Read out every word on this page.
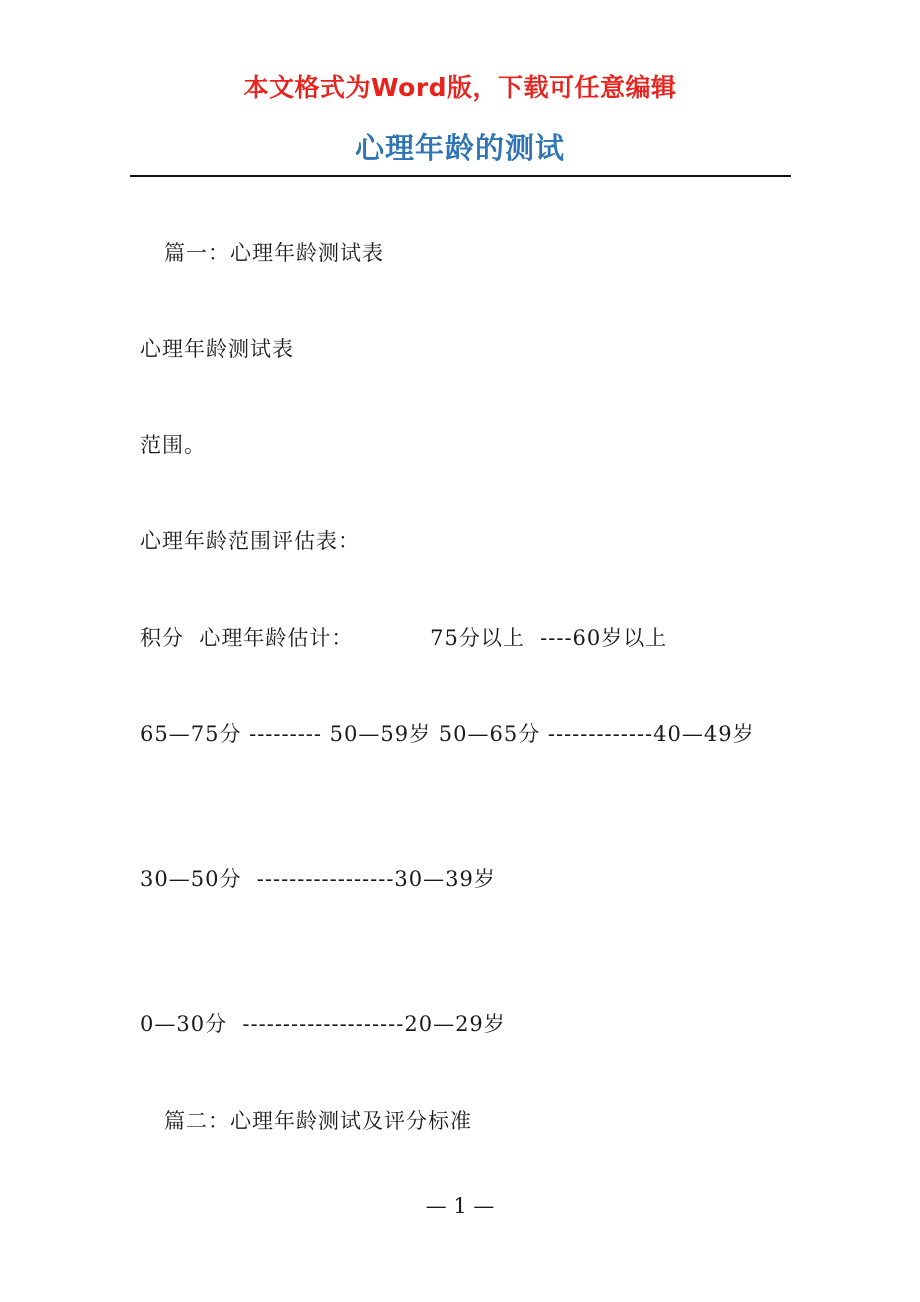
本文格式为Word版，下载可任意编辑
心理年龄的测试
篇一：心理年龄测试表
心理年龄测试表
范围。
心理年龄范围评估表：
积分  心理年龄估计：          75分以上  ----60岁以上
65—75分 --------- 50—59岁 50—65分 -------------40—49岁
30—50分  -----------------30—39岁
0—30分  --------------------20—29岁
篇二：心理年龄测试及评分标准
— 1 —
